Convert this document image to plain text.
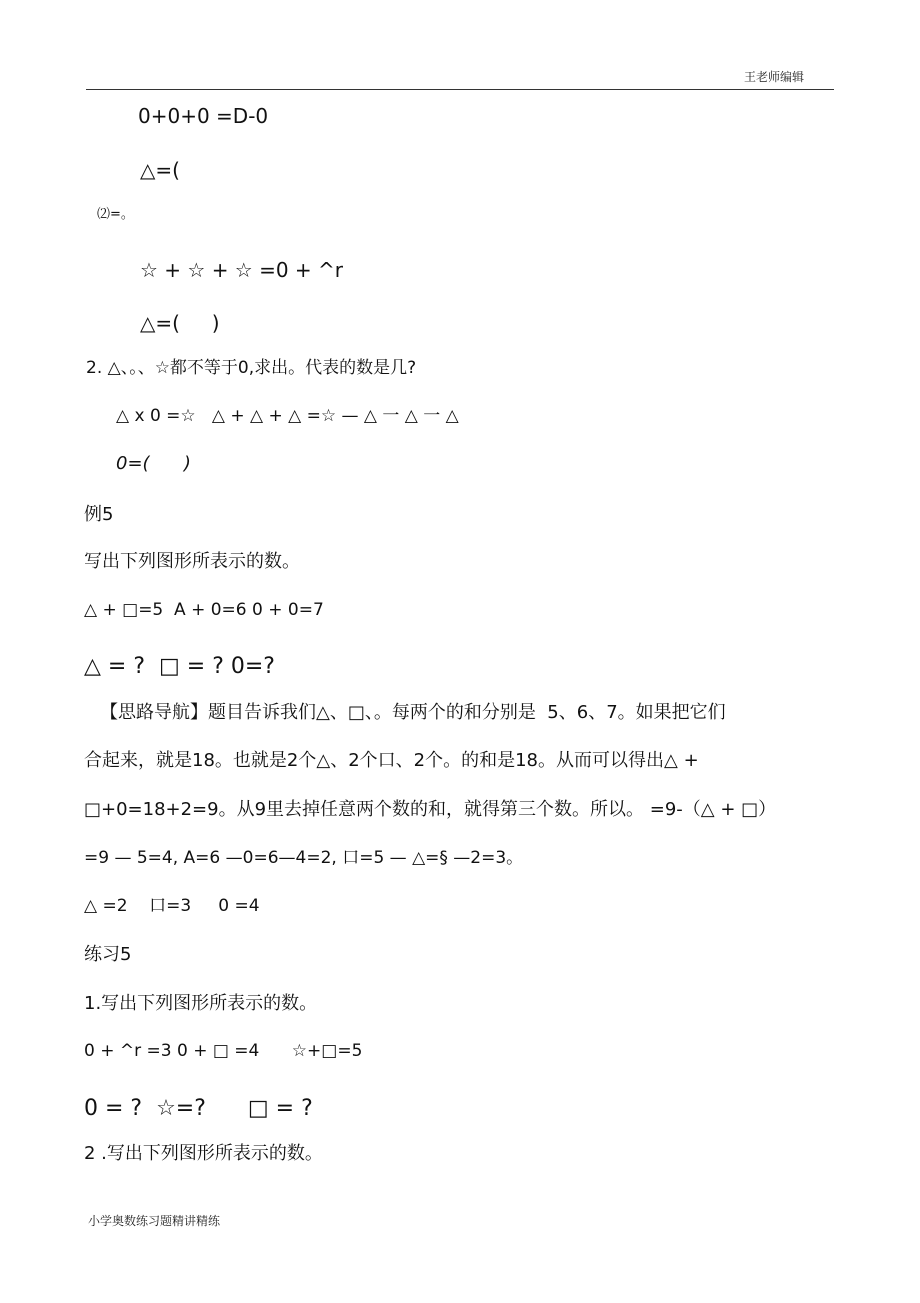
王老师编辑
0+0+0 =D-0
△=(
⑵=。
☆ + ☆ + ☆ =0 + ^r
△=(     )
2. △、。、☆都不等于0,求出。代表的数是几?
△ x 0 =☆   △ + △ + △ =☆ — △ 一 △ 一 △
0=(      )
例5
写出下列图形所表示的数。
△ + □=5  A + 0=6 0 + 0=7
△ = ?  □ = ? 0=?
【思路导航】题目告诉我们△、□、。每两个的和分别是  5、6、7。如果把它们
合起来，就是18。也就是2个△、2个口、2个。的和是18。从而可以得出△ +
□+0=18+2=9。从9里去掉任意两个数的和，就得第三个数。所以。 =9-（△ + □）
=9 — 5=4, A=6 —0=6—4=2, 口=5 — △=§ —2=3。
△ =2    口=3     0 =4
练习5
1.写出下列图形所表示的数。
0 + ^r =3 0 + □ =4      ☆+□=5
0 = ?  ☆=?      □ = ?
2 .写出下列图形所表示的数。
小学奥数练习题精讲精练
